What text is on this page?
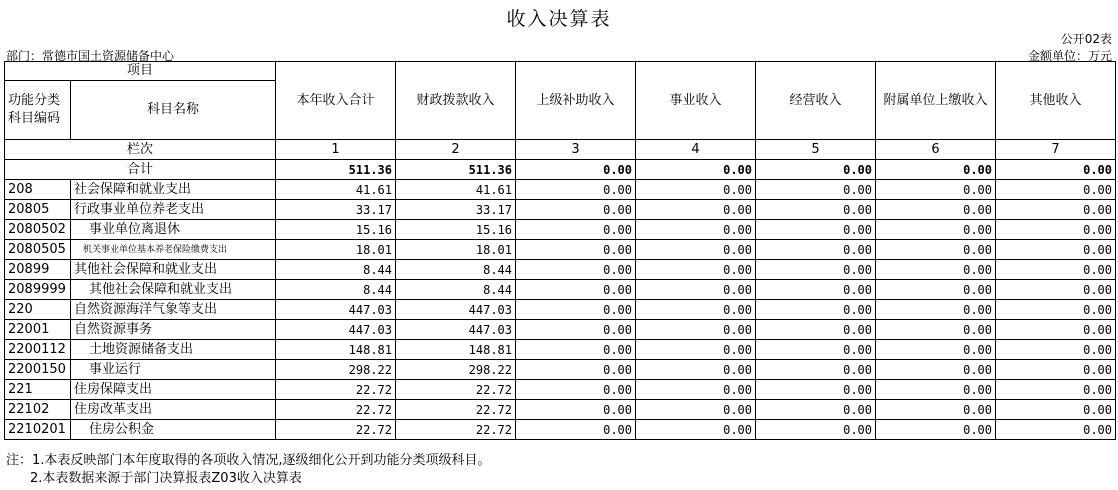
收入决算表
公开02表
部门：常德市国土资源储备中心	金额单位：万元
项目		本年收入合计	财政拨款收入	上级补助收入	事业收入	经营收入	附属单位上缴收入	其他收入
功能分类科目编码	科目名称							
栏次		1	2	3	4	5	6	7
合计		511.36	511.36	0.00	0.00	0.00	0.00	0.00
208	社会保障和就业支出	41.61	41.61	0.00	0.00	0.00	0.00	0.00
20805	行政事业单位养老支出	33.17	33.17	0.00	0.00	0.00	0.00	0.00
2080502	事业单位离退休	15.16	15.16	0.00	0.00	0.00	0.00	0.00
2080505	机关事业单位基本养老保险缴费支出	18.01	18.01	0.00	0.00	0.00	0.00	0.00
20899	其他社会保障和就业支出	8.44	8.44	0.00	0.00	0.00	0.00	0.00
2089999	其他社会保障和就业支出	8.44	8.44	0.00	0.00	0.00	0.00	0.00
220	自然资源海洋气象等支出	447.03	447.03	0.00	0.00	0.00	0.00	0.00
22001	自然资源事务	447.03	447.03	0.00	0.00	0.00	0.00	0.00
2200112	土地资源储备支出	148.81	148.81	0.00	0.00	0.00	0.00	0.00
2200150	事业运行	298.22	298.22	0.00	0.00	0.00	0.00	0.00
221	住房保障支出	22.72	22.72	0.00	0.00	0.00	0.00	0.00
22102	住房改革支出	22.72	22.72	0.00	0.00	0.00	0.00	0.00
2210201	住房公积金	22.72	22.72	0.00	0.00	0.00	0.00	0.00
注：1.本表反映部门本年度取得的各项收入情况,逐级细化公开到功能分类项级科目。
2.本表数据来源于部门决算报表Z03收入决算表
